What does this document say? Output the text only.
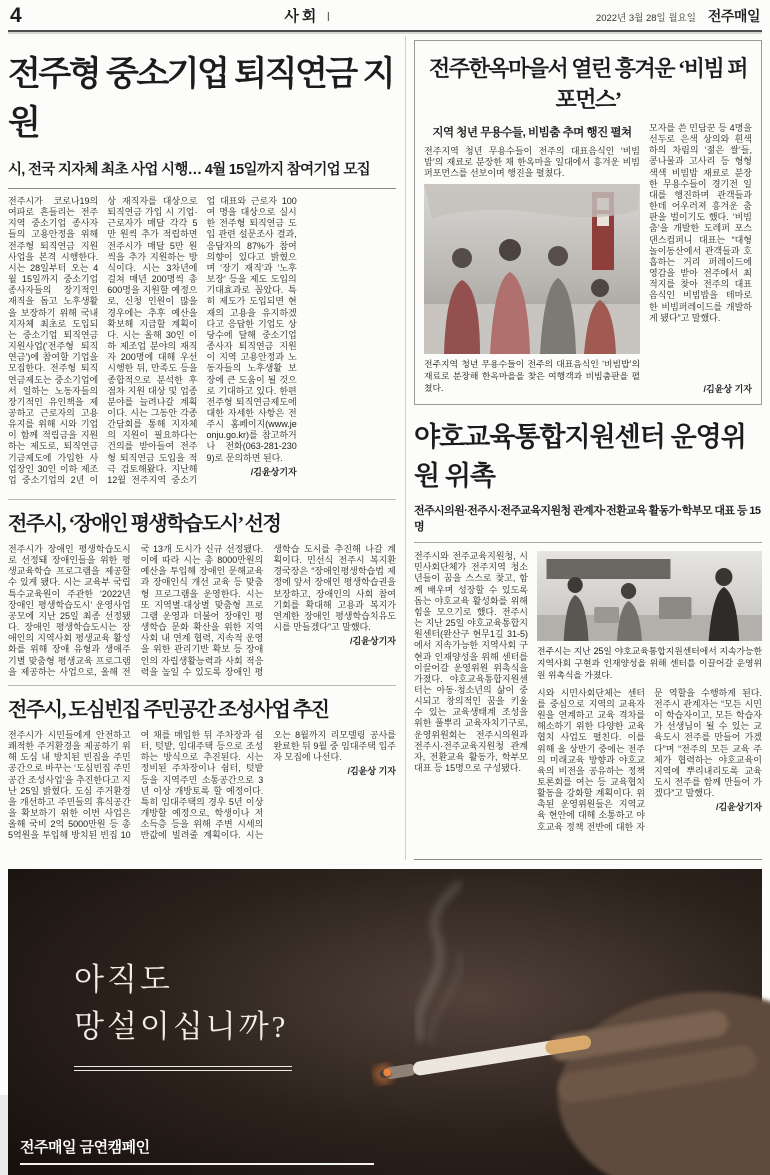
4	사회 I	2022년 3월 28일 월요일 전주매일
전주형 중소기업 퇴직연금 지원
시, 전국 지자체 최초 사업 시행… 4월 15일까지 참여기업 모집
전주시가 코로나19의 여파로 흔들리는 전주지역 중소기업 종사자들의 고용안정을 위해 전주형 퇴직연금 지원사업을 본격 시행한다. 시는 28일부터 오는 4월 15일까지 중소기업 종사자들의 장기적인 재직을 돕고 노후생활을 보장하기 위해 국내 지자체 최초로 도입되는 중소기업 퇴직연금 지원사업(‘전주형 퇴직연금’)에 참여할 기업을 모집한다. 전주형 퇴직연금제도는 중소기업에서 일하는 노동자들의 장기적인 유인책을 제공하고 근로자의 고용유지를 위해 시와 기업이 함께 적립금을 지원하는 제도로, 퇴직연금 기금제도에 가입한 사업장인 30인 이하 제조업 중소기업의 2년 이상 재직자를 대상으로 퇴직연금 가입 시 기업·근로자가 매달 각각 5만 원씩 추가 적립하면 전주시가 매달 5만 원씩을 추가 지원하는 방식이다. 시는 3차년에 걸쳐 매년 200명씩 총 600명을 지원할 예정으로, 신청 인원이 많을 경우에는 추후 예산을 확보해 지급할 계획이다. 시는 올해 30인 이하 제조업 분야의 재직자 200명에 대해 우선 시행한 뒤, 만족도 등을 종합적으로 분석한 후 점차 지원 대상 및 업종 분야를 늘려나갈 계획이다. 시는 그동안 각종 간담회를 통해 지자체의 지원이 필요하다는 건의를 받아들여 전주형 퇴직연금 도입을 적극 검토해왔다. 지난해 12월 전주지역 중소기업 대표와 근로자 100여 명을 대상으로 실시한 전주형 퇴직연금 도입 관련 설문조사 결과, 응답자의 87%가 참여 의향이 있다고 밝혔으며 ‘장기 재직’과 ‘노후 보장’ 등을 제도 도입의 기대효과로 꼽았다. 특히 제도가 도입되면 현재의 고용을 유지하겠다고 응답한 기업도 상당수에 달해 중소기업 종사자 퇴직연금 지원이 지역 고용안정과 노동자들의 노후생활 보장에 큰 도움이 될 것으로 기대하고 있다. 한편 전주형 퇴직연금제도에 대한 자세한 사항은 전주시 홈페이지(www.jeonju.go.kr)를 참고하거나 전화(063-281-2309)로 문의하면 된다.
/김윤상기자
전주시, ‘장애인 평생학습도시’ 선정
전주시가 장애인 평생학습도시로 선정돼 장애인들을 위한 평생교육학습 프로그램을 제공할 수 있게 됐다. 시는 교육부 국립특수교육원이 주관한 ‘2022년 장애인 평생학습도시’ 운영사업 공모에 지난 25일 최종 선정됐다. 장애인 평생학습도시는 장애인의 지역사회 평생교육 활성화를 위해 장애 유형과 생애주기별 맞춤형 평생교육 프로그램을 제공하는 사업으로, 올해 전국 13개 도시가 신규 선정됐다. 이에 따라 시는 총 8000만원의 예산을 투입해 장애인 문해교육과 장애인식 개선 교육 등 맞춤형 프로그램을 운영한다. 시는 또 지역별·대상별 맞춤형 프로그램 운영과 더불어 장애인 평생학습 문화 확산을 위한 지역사회 내 연계 협력, 지속적 운영을 위한 관리기반 확보 등 장애인의 자립생활능력과 사회 적응력을 높일 수 있도록 장애인 평생학습 도시를 추진해 나갈 계획이다. 민선식 전주시 복지환경국장은 “장애인평생학습법 제정에 앞서 장애인 평생학습권을 보장하고, 장애인의 사회 참여기회를 확대해 고용과 복지가 연계한 장애인 평생학습치유도시를 만들겠다”고 말했다.
/김윤상기자
전주시, 도심빈집 주민공간 조성사업 추진
전주시가 시민들에게 안전하고 쾌적한 주거환경을 제공하기 위해 도심 내 방치된 빈집을 주민공간으로 바꾸는 ‘도심빈집 주민공간 조성사업’을 추진한다고 지난 25일 밝혔다. 도심 주거환경을 개선하고 주민들의 휴식공간을 확보하기 위한 이번 사업은 올해 국비 2억 5000만원 등 총 5억원을 투입해 방치된 빈집 10여 채를 매입한 뒤 주차장과 쉼터, 텃밭, 임대주택 등으로 조성하는 방식으로 추진된다. 시는 정비된 주차장이나 쉼터, 텃밭 등을 지역주민 소통공간으로 3년 이상 개방토록 할 예정이다. 특히 임대주택의 경우 5년 이상 개방할 예정으로, 학생이나 저소득층 등을 위해 주변 시세의 반값에 빌려줄 계획이다. 시는 오는 8월까지 리모델링 공사를 완료한 뒤 9월 중 임대주택 입주자 모집에 나선다.
/김윤상 기자
전주한옥마을서 열린 흥겨운 ‘비빔 퍼포먼스’
지역 청년 무용수들, 비빔춤 추며 행진 펼쳐
전주지역 청년 무용수들이 전주의 대표음식인 ‘비빔밥’의 재료로 분장한 채 한옥마을 일대에서 흥겨운 비빔 퍼포먼스를 선보이며 행진을 펼쳤다.
전주지역 청년 무용수들이 전주의 대표음식인 ‘비빔밥’의 재료로 분장해 한옥마을을 찾은 여행객과 비빔춤판을 펼쳤다.
모자를 쓴 민담꾼 등 4명을 선두로 은색 상의와 흰색 하의 차림의 ‘젊은 쌀’들, 콩나물과 고사리 등 형형색색 비빔밥 재료로 분장한 무용수들이 경기전 일대를 행진하며 관객들과 한데 어우러져 흥겨운 춤판을 벌이기도 했다. ‘비빔춤’을 개발한 도레퍼 포스댄스컴퍼니 대표는 “대형 놀이동산에서 관객들과 호흡하는 거리 퍼레이드에 영감을 받아 전주에서 최적지를 찾아 전주의 대표음식인 비빔밥을 테마로 한 비빔퍼레이드를 개발하게 됐다”고 말했다.
/김윤상 기자
야호교육통합지원센터 운영위원 위촉
전주시의원·전주시·전주교육지원청 관계자·전환교육 활동가·학부모 대표 등 15명
전주시와 전주교육지원청, 시민사회단체가 전주지역 청소년들이 꿈을 스스로 찾고, 함께 배우며 성장할 수 있도록 돕는 야호교육 활성화를 위해 힘을 모으기로 했다. 전주시는 지난 25일 야호교육통합지원센터(완산구 현무1길 31-5)에서 지속가능한 지역사회 구현과 인재양성을 위해 센터를 이끌어갈 운영위원 위촉식을 가졌다. 야호교육통합지원센터는 아동·청소년의 삶이 중시되고 창의적인 꿈을 키울 수 있는 교육생태계 조성을 위한 풀뿌리 교육자치기구로, 운영위원회는 전주시의원과 전주시·전주교육지원청 관계자, 전환교육 활동가, 학부모 대표 등 15명으로 구성됐다.
전주시는 지난 25일 야호교육통합지원센터에서 지속가능한 지역사회 구현과 인재양성을 위해 센터를 이끌어갈 운영위원 위촉식을 가졌다.
시와 시민사회단체는 센터를 중심으로 지역의 교육자원을 연계하고 교육 격차를 해소하기 위한 다양한 교육협치 사업도 펼친다. 이를 위해 올 상반기 중에는 전주의 미래교육 방향과 야호교육의 비전을 공유하는 정책토론회를 여는 등 교육협치 활동을 강화할 계획이다. 위촉된 운영위원들은 지역교육 현안에 대해 소통하고 야호교육 정책 전반에 대한 자문 역할을 수행하게 된다. 전주시 관계자는 “모든 시민이 학습자이고, 모든 학습자가 선생님이 될 수 있는 교육도시 전주를 만들어 가겠다”며 “전주의 모든 교육 주체가 협력하는 야호교육이 지역에 뿌리내리도록 교육도시 전주를 함께 만들어 가겠다”고 말했다.
/김윤상기자
아직도
망설이십니까?
전주매일 금연캠페인
